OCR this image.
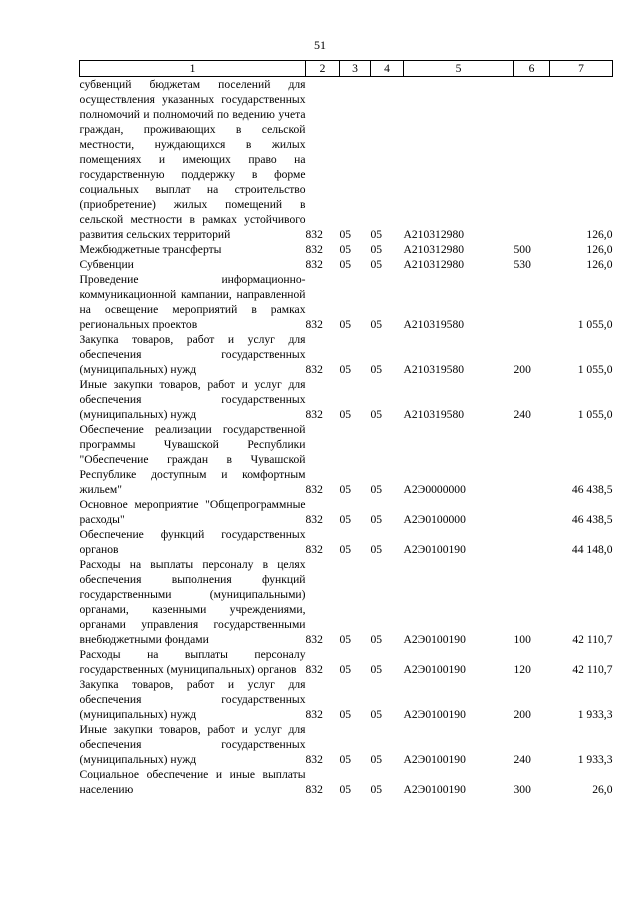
51
1	2	3	4	5	6	7
субвенций бюджетам поселений для осуществления указанных государственных полномочий и полномочий по ведению учета граждан, проживающих в сельской местности, нуждающихся в жилых помещениях и имеющих право на государственную поддержку в форме социальных выплат на строительство (приобретение) жилых помещений в сельской местности в рамках устойчивого развития сельских территорий	832	05	05	А210312980		126,0
Межбюджетные трансферты	832	05	05	А210312980	500	126,0
Субвенции	832	05	05	А210312980	530	126,0
Проведение информационно-коммуникационной кампании, направленной на освещение мероприятий в рамках региональных проектов	832	05	05	А210319580		1 055,0
Закупка товаров, работ и услуг для обеспечения государственных (муниципальных) нужд	832	05	05	А210319580	200	1 055,0
Иные закупки товаров, работ и услуг для обеспечения государственных (муниципальных) нужд	832	05	05	А210319580	240	1 055,0
Обеспечение реализации государственной программы Чувашской Республики "Обеспечение граждан в Чувашской Республике доступным и комфортным жильем"	832	05	05	А2Э0000000		46 438,5
Основное мероприятие "Общепрограммные расходы"	832	05	05	А2Э0100000		46 438,5
Обеспечение функций государственных органов	832	05	05	А2Э0100190		44 148,0
Расходы на выплаты персоналу в целях обеспечения выполнения функций государственными (муниципальными) органами, казенными учреждениями, органами управления государственными внебюджетными фондами	832	05	05	А2Э0100190	100	42 110,7
Расходы на выплаты персоналу государственных (муниципальных) органов	832	05	05	А2Э0100190	120	42 110,7
Закупка товаров, работ и услуг для обеспечения государственных (муниципальных) нужд	832	05	05	А2Э0100190	200	1 933,3
Иные закупки товаров, работ и услуг для обеспечения государственных (муниципальных) нужд	832	05	05	А2Э0100190	240	1 933,3
Социальное обеспечение и иные выплаты населению	832	05	05	А2Э0100190	300	26,0
